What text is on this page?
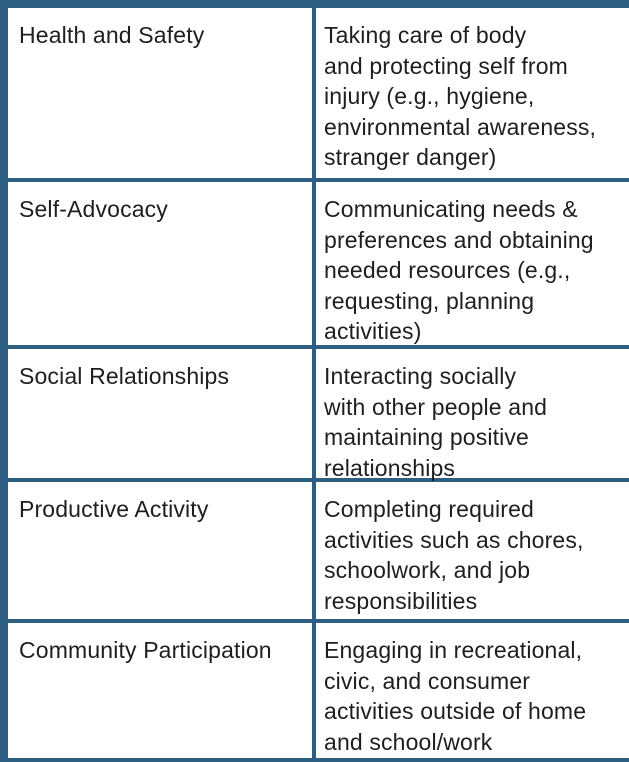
Health and Safety	Taking care of body
and protecting self from
injury (e.g., hygiene,
environmental awareness,
stranger danger)
Self-Advocacy	Communicating needs &
preferences and obtaining
needed resources (e.g.,
requesting, planning
activities)
Social Relationships	Interacting socially
with other people and
maintaining positive
relationships
Productive Activity	Completing required
activities such as chores,
schoolwork, and job
responsibilities
Community Participation	Engaging in recreational,
civic, and consumer
activities outside of home
and school/work
